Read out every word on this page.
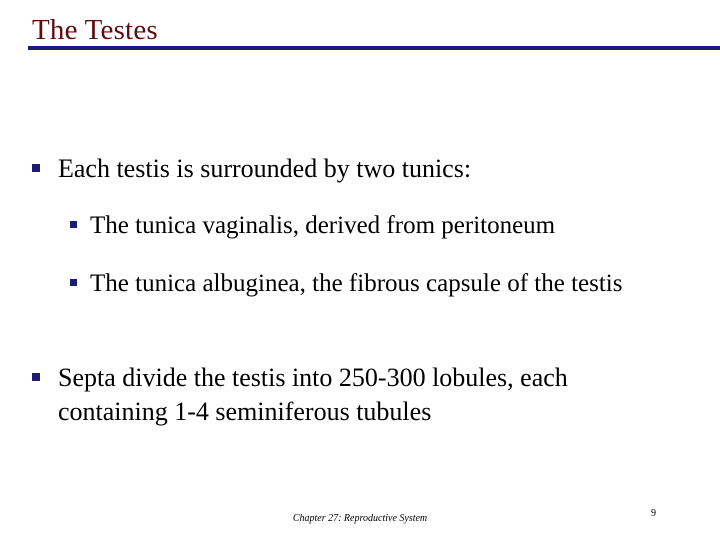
The Testes
Each testis is surrounded by two tunics:
The tunica vaginalis, derived from peritoneum
The tunica albuginea, the fibrous capsule of the testis
Septa divide the testis into 250-300 lobules, each containing 1-4 seminiferous tubules
Chapter 27: Reproductive System	9
